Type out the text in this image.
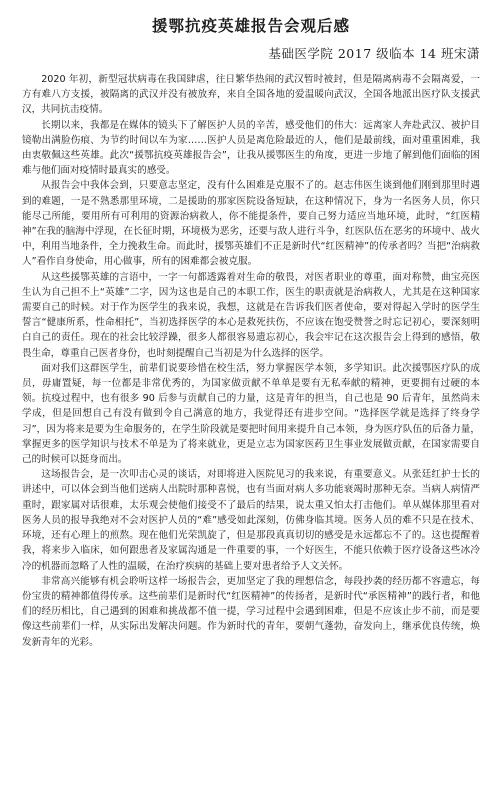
援鄂抗疫英雄报告会观后感
基础医学院 2017 级临本 14 班宋潇

2020 年初，新型冠状病毒在我国肆虐，往日繁华热闹的武汉暂时被封，但是隔离病毒不会隔离爱，一方有难八方支援，被隔离的武汉并没有被放弃，来自全国各地的爱温暖向武汉，全国各地派出医疗队支援武汉，共同抗击疫情。

长期以来，我都是在媒体的镜头下了解医护人员的辛苦，感受他们的伟大：远离家人奔赴武汉、被护目镜勒出满脸伤痕、为节约时间以车为家……医护人员是离危险最近的人，他们是最前线，面对重重困难，我由衷敬佩这些英雄。此次“援鄂抗疫英雄报告会”，让我从援鄂医生的角度，更进一步地了解到他们面临的困难与他们面对疫情时最真实的感受。

从报告会中我体会到，只要意志坚定，没有什么困难是克服不了的。赵志伟医生谈到他们刚到那里时遇到的难题，一是不熟悉那里环境，二是援助的那家医院设备短缺，在这种情况下，身为一名医务人员，你只能尽己所能，要用所有可利用的资源治病救人，你不能提条件，要自己努力适应当地环境，此时，“红医精神”在我的脑海中浮现，在长征时期，环境极为恶劣，还要与敌人进行斗争，红医队伍在恶劣的环境中、战火中，利用当地条件，全力挽救生命。而此时，援鄂英雄们不正是新时代“红医精神”的传承者吗？当把“治病救人”看作自身使命，用心做事，所有的困难都会被克服。

从这些援鄂英雄的言语中，一字一句都透露着对生命的敬畏，对医者职业的尊重，面对称赞，曲宝亮医生认为自己担不上“英雄”二字，因为这也是自己的本职工作，医生的职责就是治病救人，尤其是在这种国家需要自己的时候。对于作为医学生的我来说，我想，这就是在告诉我们医者使命，要对得起入学时的医学生誓言“健康所系，性命相托”，当初选择医学的本心是救死扶伤，不应该在饱受赞誉之时忘记初心，要深刻明白自己的责任。现在的社会比较浮躁，很多人都很容易遗忘初心，我会牢记在这次报告会上得到的感悟，敬畏生命，尊重自己医者身份，也时刻提醒自己当初是为什么选择的医学。

面对我们这群医学生，前辈们说要珍惜在校生活，努力掌握医学本领，多学知识。此次援鄂医疗队的成员，毋庸置疑，每一位都是非常优秀的，为国家做贡献不单单是要有无私奉献的精神，更要拥有过硬的本领。抗疫过程中，也有很多 90 后参与贡献自己的力量，这是青年的担当，自己也是 90 后青年，虽然尚未学成，但是回想自己有没有做到令自己满意的地方，我觉得还有进步空间。“选择医学就是选择了终身学习”，因为将来是要为生命服务的，在学生阶段就是要把时间用来提升自己本领，身为医疗队伍的后备力量，掌握更多的医学知识与技术不单是为了将来就业，更是立志为国家医药卫生事业发展做贡献，在国家需要自己的时候可以挺身而出。

这场报告会，是一次叩击心灵的谈话，对即将进入医院见习的我来说，有重要意义。从张廷红护士长的讲述中，可以体会到当他们送病人出院时那种喜悦，也有当面对病人多功能衰竭时那种无奈。当病人病情严重时，跟家属对话很难，太乐观会使他们接受不了最后的结果，说太重又怕太打击他们。单从媒体那里看对医务人员的报导我绝对不会对医护人员的“难”感受如此深刻，仿佛身临其境。医务人员的难不只是在技术、环境，还有心理上的煎熬。现在他们光荣凯旋了，但是那段真真切切的感受是永远都忘不了的。这也提醒着我，将来步入临床，如何跟患者及家属沟通是一件重要的事，一个好医生，不能只依赖于医疗设备这些冰冷冷的机器而忽略了人性的温暖，在治疗疾病的基础上要对患者给予人文关怀。

非常高兴能够有机会聆听这样一场报告会，更加坚定了我的理想信念，每段抄袭的经历都不容遗忘，每份宝贵的精神都值得传承。这些前辈们是新时代“红医精神”的传扬者，是新时代“承医精神”的践行者，和他们的经历相比，自己遇到的困难和挑战都不值一提，学习过程中会遇到困难，但是不应该止步不前，而是要像这些前辈们一样，从实际出发解决问题。作为新时代的青年，要朝气蓬勃，奋发向上，继承优良传统，焕发新青年的光彩。
